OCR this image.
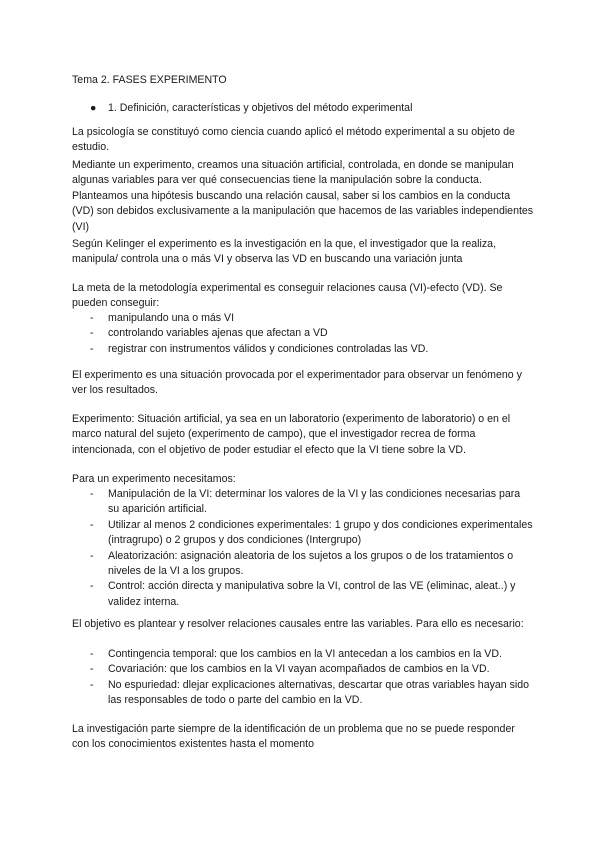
Tema 2. FASES EXPERIMENTO

● 1. Definición, características y objetivos del método experimental

La psicología se constituyó como ciencia cuando aplicó el método experimental a su objeto de estudio.

Mediante un experimento, creamos una situación artificial, controlada, en donde se manipulan algunas variables para ver qué consecuencias tiene la manipulación sobre la conducta. Planteamos una hipótesis buscando una relación causal, saber si los cambios en la conducta (VD) son debidos exclusivamente a la manipulación que hacemos de las variables independientes (VI)

Según Kelinger el experimento es la investigación en la que, el investigador que la realiza, manipula/ controla una o más VI y observa las VD en buscando una variación junta

La meta de la metodología experimental es conseguir relaciones causa (VI)-efecto (VD). Se pueden conseguir:

- manipulando una o más VI
- controlando variables ajenas que afectan a VD
- registrar con instrumentos válidos y condiciones controladas las VD.

El experimento es una situación provocada por el experimentador para observar un fenómeno y ver los resultados.

Experimento: Situación artificial, ya sea en un laboratorio (experimento de laboratorio) o en el marco natural del sujeto (experimento de campo), que el investigador recrea de forma intencionada, con el objetivo de poder estudiar el efecto que la VI tiene sobre la VD.

Para un experimento necesitamos:

- Manipulación de la VI: determinar los valores de la VI y las condiciones necesarias para su aparición artificial.
- Utilizar al menos 2 condiciones experimentales: 1 grupo y dos condiciones experimentales (intragrupo) o 2 grupos y dos condiciones (Intergrupo)
- Aleatorización: asignación aleatoria de los sujetos a los grupos o de los tratamientos o niveles de la VI a los grupos.
- Control: acción directa y manipulativa sobre la VI, control de las VE (eliminac, aleat..) y validez interna.

El objetivo es plantear y resolver relaciones causales entre las variables. Para ello es necesario:

- Contingencia temporal: que los cambios en la VI antecedan a los cambios en la VD.
- Covariación: que los cambios en la VI vayan acompañados de cambios en la VD.
- No espuriedad: dlejar explicaciones alternativas, descartar que otras variables hayan sido las responsables de todo o parte del cambio en la VD.

La investigación parte siempre de la identificación de un problema que no se puede responder con los conocimientos existentes hasta el momento
